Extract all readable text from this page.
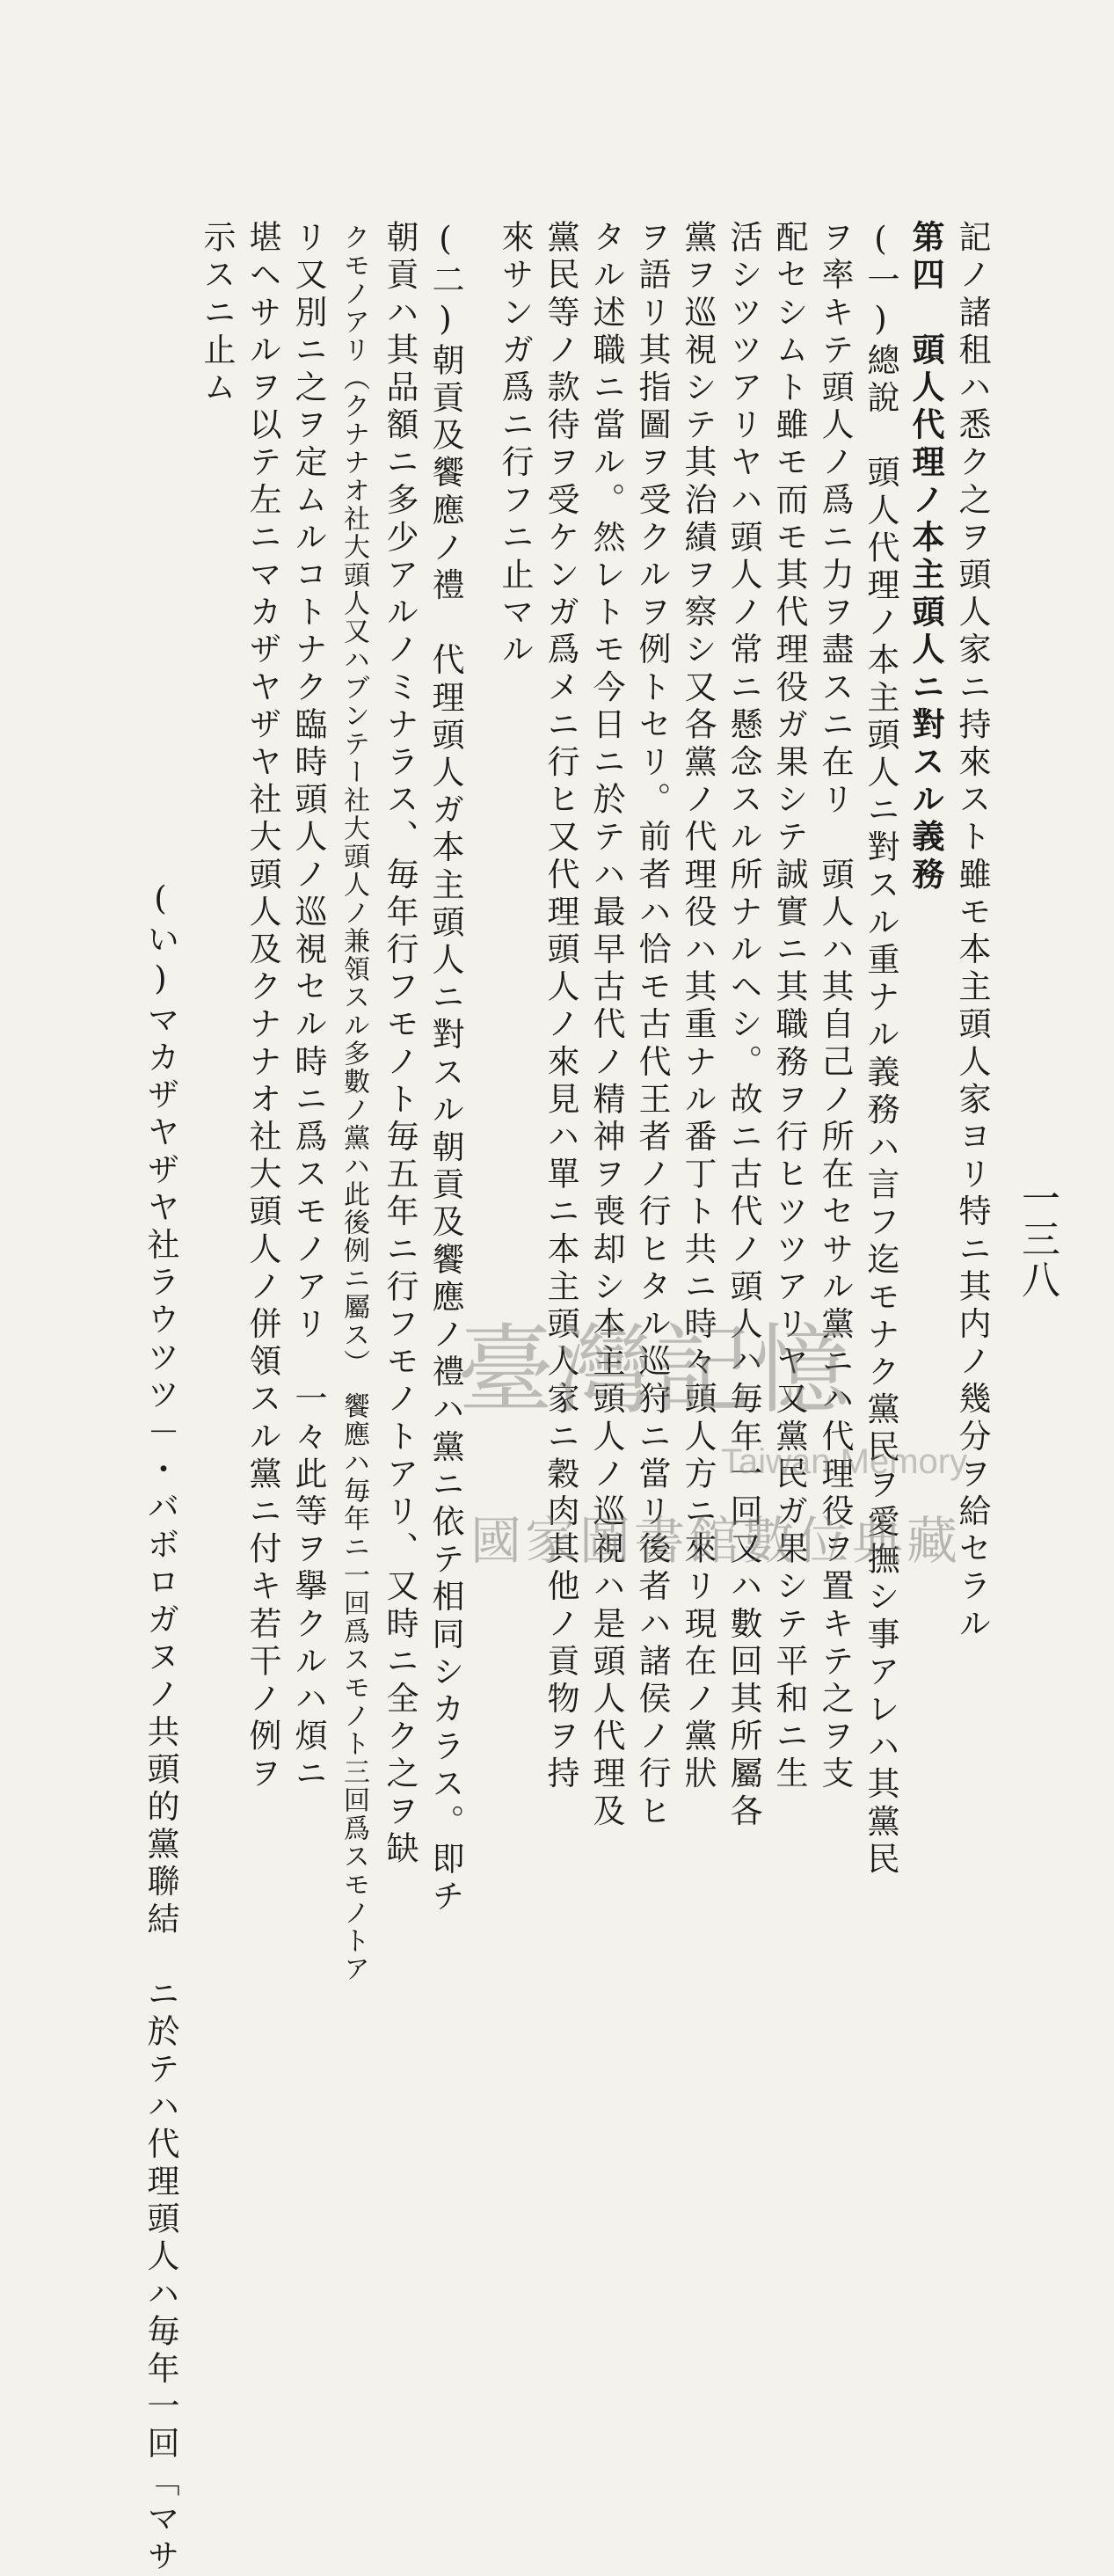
一三八
記ノ諸租ハ悉ク之ヲ頭人家ニ持來スト雖モ本主頭人家ヨリ特ニ其内ノ幾分ヲ給セラル
第四　頭人代理ノ本主頭人ニ對スル義務
(一)總說　頭人代理ノ本主頭人ニ對スル重ナル義務ハ言フ迄モナク黨民ヲ愛撫シ事アレハ其黨民
ヲ率キテ頭人ノ爲ニ力ヲ盡スニ在リ　頭人ハ其自己ノ所在セサル黨ニハ代理役ヲ置キテ之ヲ支
配セシムト雖モ而モ其代理役ガ果シテ誠實ニ其職務ヲ行ヒツツアリヤ又黨民ガ果シテ平和ニ生
活シツツアリヤハ頭人ノ常ニ懸念スル所ナルヘシ。故ニ古代ノ頭人ハ毎年一回又ハ數回其所屬各
黨ヲ巡視シテ其治績ヲ察シ又各黨ノ代理役ハ其重ナル番丁ト共ニ時々頭人方ニ來リ現在ノ黨狀
ヲ語リ其指圖ヲ受クルヲ例トセリ。前者ハ恰モ古代王者ノ行ヒタル巡狩ニ當リ後者ハ諸侯ノ行ヒ
タル述職ニ當ル。然レトモ今日ニ於テハ最早古代ノ精神ヲ喪却シ本主頭人ノ巡視ハ是頭人代理及
黨民等ノ款待ヲ受ケンガ爲メニ行ヒ又代理頭人ノ來見ハ單ニ本主頭人家ニ穀肉其他ノ貢物ヲ持
來サンガ爲ニ行フニ止マル
(二)朝貢及饗應ノ禮　代理頭人ガ本主頭人ニ對スル朝貢及饗應ノ禮ハ黨ニ依テ相同シカラス。即チ
朝貢ハ其品額ニ多少アルノミナラス、毎年行フモノト毎五年ニ行フモノトアリ、又時ニ全ク之ヲ缺
クモノアリ（クナナオ社大頭人又ハブンテー社大頭人ノ兼領スル多數ノ黨ハ此後例ニ屬ス）　饗應ハ毎年ニ一回爲スモノト三回爲スモノトア
リ又別ニ之ヲ定ムルコトナク臨時頭人ノ巡視セル時ニ爲スモノアリ　一々此等ヲ擧クルハ煩ニ
堪ヘサルヲ以テ左ニマカザヤザヤ社大頭人及クナナオ社大頭人ノ併領スル黨ニ付キ若干ノ例ヲ
示スニ止ム
(い)マカザヤザヤ社ラウツツ－・バボロガヌノ共頭的黨聯結　ニ於テハ代理頭人ハ毎年一回「マサ	臺灣記憶
Taiwan Memory
國家圖書館數位典藏
